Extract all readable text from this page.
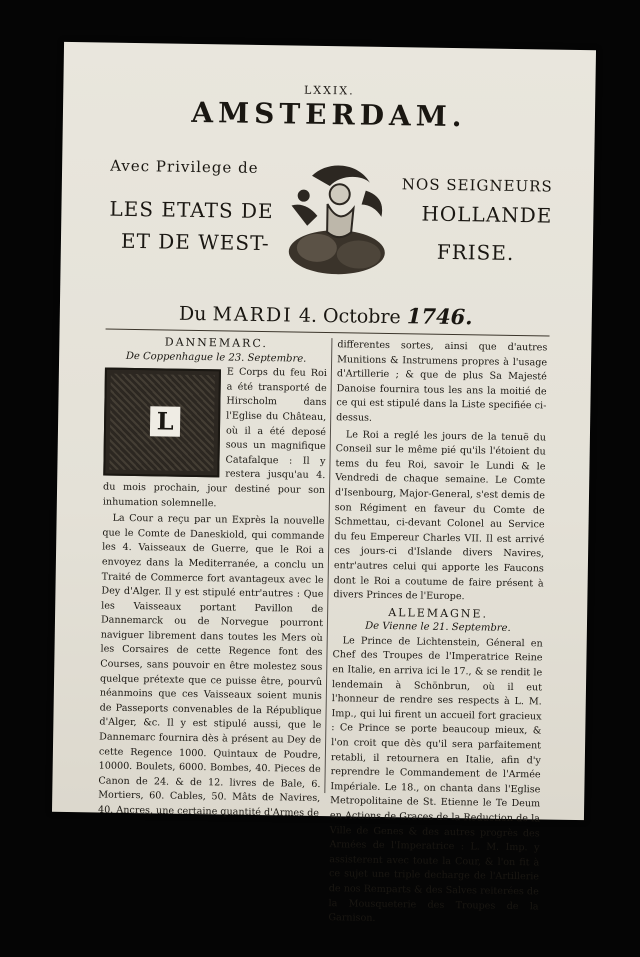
LXXIX.
AMSTERDAM.
Avec Privilege de
LES ETATS DE
ET DE WEST-
NOS SEIGNEURS
HOLLANDE
FRISE.
Du MARDI 4. Octobre 1746.
DANNEMARC.
De Coppenhague le 23. Septembre.
L

E Corps du feu Roi a été transporté de Hirscholm dans l'Eglise du Château, où il a été deposé sous un magnifique Catafalque : Il y restera jusqu'au 4. du mois prochain, jour destiné pour son inhumation solemnelle.

La Cour a reçu par un Exprès la nouvelle que le Comte de Daneskiold, qui commande les 4. Vaisseaux de Guerre, que le Roi a envoyez dans la Mediterranée, a conclu un Traité de Commerce fort avantageux avec le Dey d'Alger. Il y est stipulé entr'autres : Que les Vaisseaux portant Pavillon de Dannemarck ou de Norvegue pourront naviguer librement dans toutes les Mers où les Corsaires de cette Regence font des Courses, sans pouvoir en être molestez sous quelque prétexte que ce puisse être, pourvû néanmoins que ces Vaisseaux soient munis de Passeports convenables de la République d'Alger, &c. Il y est stipulé aussi, que le Dannemarc fournira dès à présent au Dey de cette Regence 1000. Quintaux de Poudre, 10000. Boulets, 6000. Bombes, 40. Pieces de Canon de 24. & de 12. livres de Bale, 6. Mortiers, 60. Cables, 50. Mâts de Navires, 40. Ancres, une certaine quantité d'Armes de

differentes sortes, ainsi que d'autres Munitions & Instrumens propres à l'usage d'Artillerie ; & que de plus Sa Majesté Danoise fournira tous les ans la moitié de ce qui est stipulé dans la Liste specifiée ci-dessus.

Le Roi a reglé les jours de la tenuë du Conseil sur le même pié qu'ils l'étoient du tems du feu Roi, savoir le Lundi & le Vendredi de chaque semaine. Le Comte d'Isenbourg, Major-General, s'est demis de son Régiment en faveur du Comte de Schmettau, ci-devant Colonel au Service du feu Empereur Charles VII. Il est arrivé ces jours-ci d'Islande divers Navires, entr'autres celui qui apporte les Faucons dont le Roi a coutume de faire présent à divers Princes de l'Europe.

ALLEMAGNE.
De Vienne le 21. Septembre.

Le Prince de Lichtenstein, Géneral en Chef des Troupes de l'Imperatrice Reine en Italie, en arriva ici le 17., & se rendit le lendemain à Schönbrun, où il eut l'honneur de rendre ses respects à L. M. Imp., qui lui firent un accueil fort gracieux : Ce Prince se porte beaucoup mieux, & l'on croit que dès qu'il sera parfaitement retabli, il retournera en Italie, afin d'y reprendre le Commandement de l'Armée Impériale. Le 18., on chanta dans l'Eglise Metropolitaine de St. Etienne le Te Deum en Actions de Graces de la Reduction de la Ville de Genes & des autres progrès des Armées de l'Imperatrice : L. M. Imp. y assisterent avec toute la Cour, & l'on fit à ce sujet une triple decharge de l'Artillerie de nos Remparts & des Salves reiterées de la Mousqueterie des Troupes de la Garnison.
